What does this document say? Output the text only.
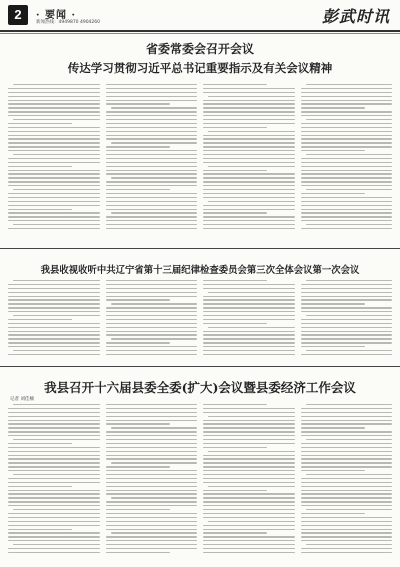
2	· 要闻 ·
新闻热线：4949870 4904260	彭武时讯
省委常委会召开会议
传达学习贯彻习近平总书记重要指示及有关会议精神
我县收视收听中共辽宁省第十三届纪律检查委员会第三次全体会议第一次会议
我县召开十六届县委全委(扩大)会议暨县委经济工作会议
记者 刘佳楠
